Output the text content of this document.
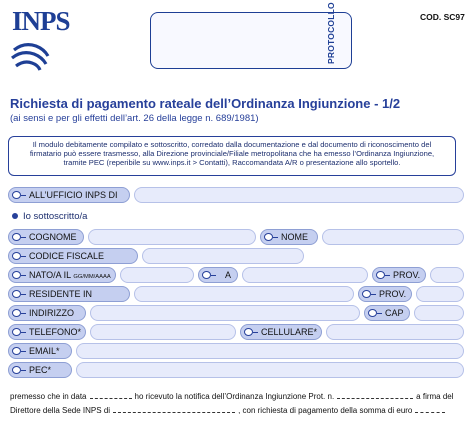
INPS	PROTOCOLLO	COD. SC97
Richiesta di pagamento rateale dell’Ordinanza Ingiunzione - 1/2
(ai sensi e per gli effetti dell’art. 26 della legge n. 689/1981)
Il modulo debitamente compilato e sottoscritto, corredato dalla documentazione e dal documento di riconoscimento del
firmatario può essere trasmesso, alla Direzione provinciale/Filiale metropolitana che ha emesso l’Ordinanza Ingiunzione,
tramite PEC (reperibile su www.inps.it > Contatti), Raccomandata A/R o presentazione allo sportello.
ALL’UFFICIO INPS DI
Io sottoscritto/a
COGNOME	NOME
CODICE FISCALE
NATO/A IL GG/MM/AAAA	A	PROV.
RESIDENTE IN	PROV.
INDIRIZZO	CAP
TELEFONO*	CELLULARE*
EMAIL*
PEC*
premesso che in data	ho ricevuto la notifica dell’Ordinanza Ingiunzione Prot. n.	a firma del
Direttore della Sede INPS di	, con richiesta di pagamento della somma di euro
